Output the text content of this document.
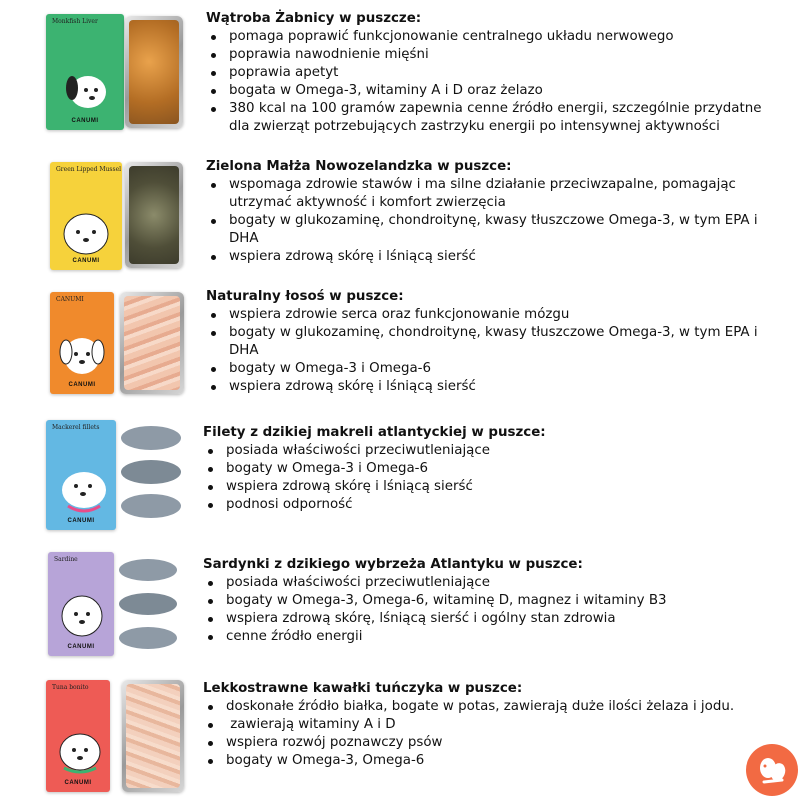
Monkfish Liver
CANUMI
Wątroba Żabnicy w puszcze:
pomaga poprawić funkcjonowanie centralnego układu nerwowego
poprawia nawodnienie mięśni
poprawia apetyt
bogata w Omega-3, witaminy A i D oraz żelazo
380 kcal na 100 gramów zapewnia cenne źródło energii, szczególnie przydatne
dla zwierząt potrzebujących zastrzyku energii po intensywnej aktywności
Green Lipped Mussel
CANUMI
Zielona Małża Nowozelandzka w puszce:
wspomaga zdrowie stawów i ma silne działanie przeciwzapalne, pomagając
utrzymać aktywność i komfort zwierzęcia
bogaty w glukozaminę, chondroitynę, kwasy tłuszczowe Omega-3, w tym EPA i
DHA
wspiera zdrową skórę i lśniącą sierść
CANUMI
CANUMI
Naturalny łosoś w puszce:
wspiera zdrowie serca oraz funkcjonowanie mózgu
bogaty w glukozaminę, chondroitynę, kwasy tłuszczowe Omega-3, w tym EPA i
DHA
bogaty w Omega-3 i Omega-6
wspiera zdrową skórę i lśniącą sierść
Mackerel fillets
CANUMI
Filety z dzikiej makreli atlantyckiej w puszce:
posiada właściwości przeciwutleniające
bogaty w Omega-3 i Omega-6
wspiera zdrową skórę i lśniącą sierść
podnosi odporność
Sardine
CANUMI
Sardynki z dzikiego wybrzeża Atlantyku w puszce:
posiada właściwości przeciwutleniające
bogaty w Omega-3, Omega-6, witaminę D, magnez i witaminy B3
wspiera zdrową skórę, lśniącą sierść i ogólny stan zdrowia
cenne źródło energii
Tuna bonito
CANUMI
Lekkostrawne kawałki tuńczyka w puszce:
doskonałe źródło białka, bogate w potas, zawierają duże ilości żelaza i jodu.
zawierają witaminy A i D
wspiera rozwój poznawczy psów
bogaty w Omega-3, Omega-6
